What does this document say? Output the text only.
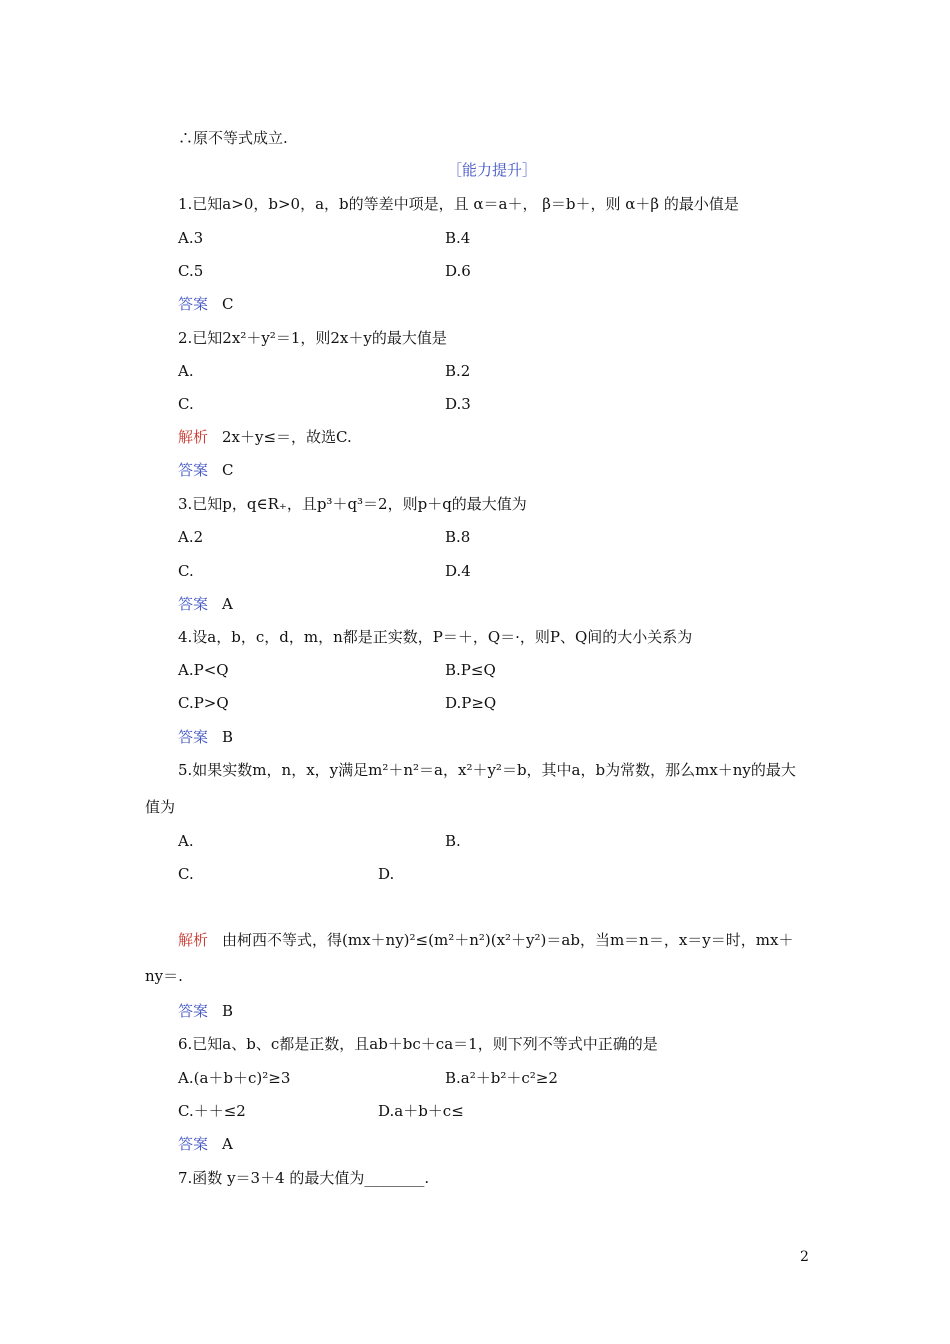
∴原不等式成立.
［能力提升］
1.已知a>0，b>0，a，b的等差中项是，且 α＝a＋， β＝b＋，则 α＋β 的最小值是
A.3	B.4
C.5	D.6
答案 C
2.已知2x²＋y²＝1，则2x＋y的最大值是
A.	B.2
C.	D.3
解析 2x＋y≤＝，故选C.
答案 C
3.已知p，q∈R₊，且p³＋q³＝2，则p＋q的最大值为
A.2	B.8
C.	D.4
答案 A
4.设a，b，c，d，m，n都是正实数，P＝＋，Q＝·，则P、Q间的大小关系为
A.P<Q	B.P≤Q
C.P>Q	D.P≥Q
答案 B
5.如果实数m，n，x，y满足m²＋n²＝a，x²＋y²＝b，其中a，b为常数，那么mx＋ny的最大
值为
A.	B.
C.	D.
解析 由柯西不等式，得(mx＋ny)²≤(m²＋n²)(x²＋y²)＝ab，当m＝n＝，x＝y＝时，mx＋
ny＝.
答案 B
6.已知a、b、c都是正数，且ab＋bc＋ca＝1，则下列不等式中正确的是
A.(a＋b＋c)²≥3	B.a²＋b²＋c²≥2
C.＋＋≤2	D.a＋b＋c≤
答案 A
7.函数 y＝3＋4 的最大值为________.
2
